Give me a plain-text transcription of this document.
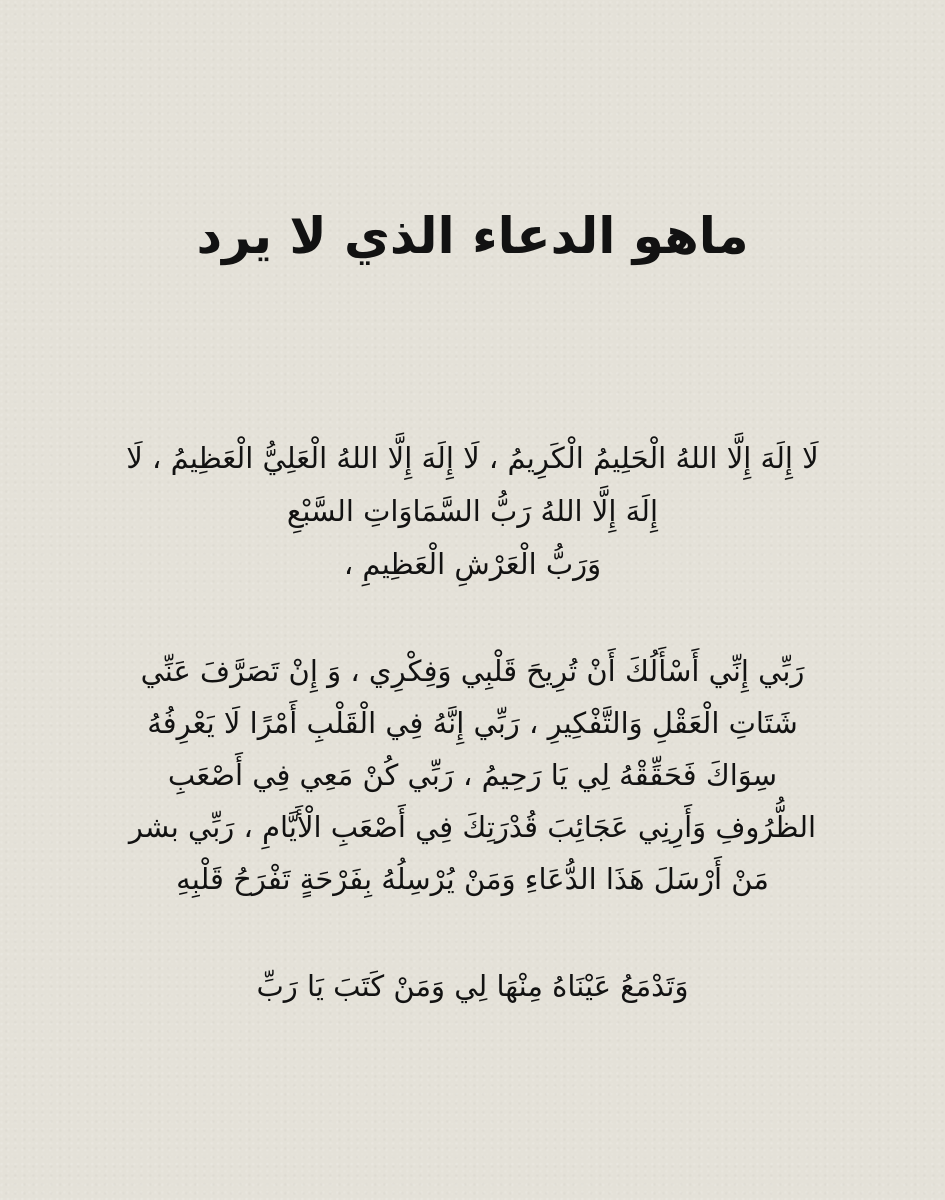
ماهو الدعاء الذي لا يرد

لَا إِلَهَ إِلَّا اللهُ الْحَلِيمُ الْكَرِيمُ ، لَا إِلَهَ إِلَّا اللهُ الْعَلِيُّ الْعَظِيمُ ، لَا
إِلَهَ إِلَّا اللهُ رَبُّ السَّمَاوَاتِ السَّبْعِ
وَرَبُّ الْعَرْشِ الْعَظِيمِ ،

رَبِّي إِنِّي أَسْأَلُكَ أَنْ تُرِيحَ قَلْبِي وَفِكْرِي ، وَ إِنْ تَصَرَّفَ عَنِّي
شَتَاتِ الْعَقْلِ وَالتَّفْكِيرِ ، رَبِّي إِنَّهُ فِي الْقَلْبِ أَمْرًا لَا يَعْرِفُهُ
سِوَاكَ فَحَقِّقْهُ لِي يَا رَحِيمُ ، رَبِّي كُنْ مَعِي فِي أَصْعَبِ
الظُّرُوفِ وَأَرِنِي عَجَائِبَ قُدْرَتِكَ فِي أَصْعَبِ الْأَيَّامِ ، رَبِّي بشر
مَنْ أَرْسَلَ هَذَا الدُّعَاءِ وَمَنْ يُرْسِلُهُ بِفَرْحَةٍ تَفْرَحُ قَلْبِهِ

وَتَدْمَعُ عَيْنَاهُ مِنْهَا لِي وَمَنْ كَتَبَ يَا رَبِّ
